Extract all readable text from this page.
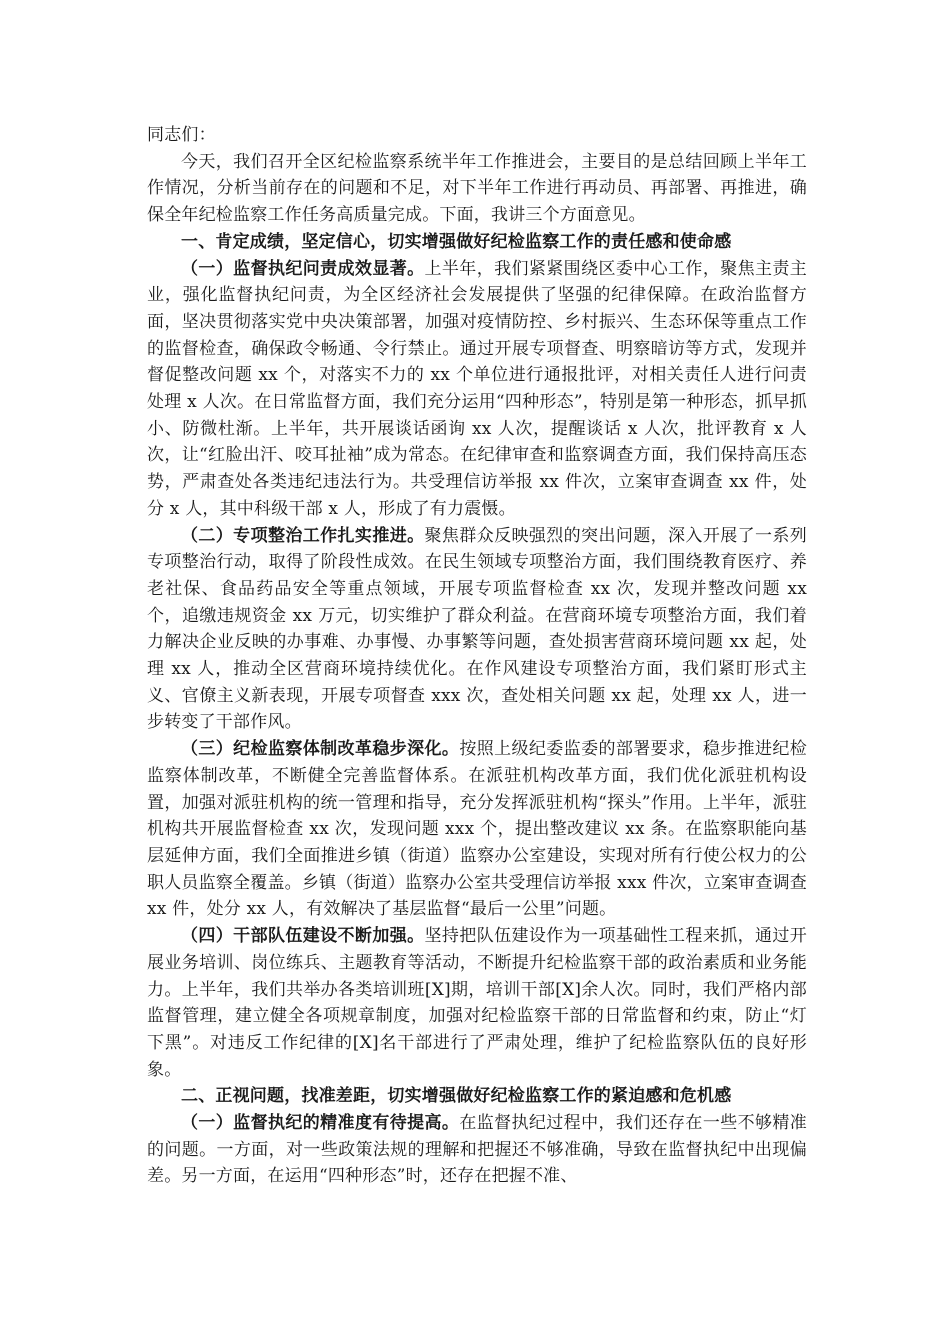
同志们：

今天，我们召开全区纪检监察系统半年工作推进会，主要目的是总结回顾上半年工作情况，分析当前存在的问题和不足，对下半年工作进行再动员、再部署、再推进，确保全年纪检监察工作任务高质量完成。下面，我讲三个方面意见。

一、肯定成绩，坚定信心，切实增强做好纪检监察工作的责任感和使命感

（一）监督执纪问责成效显著。上半年，我们紧紧围绕区委中心工作，聚焦主责主业，强化监督执纪问责，为全区经济社会发展提供了坚强的纪律保障。在政治监督方面，坚决贯彻落实党中央决策部署，加强对疫情防控、乡村振兴、生态环保等重点工作的监督检查，确保政令畅通、令行禁止。通过开展专项督查、明察暗访等方式，发现并督促整改问题 xx 个，对落实不力的 xx 个单位进行通报批评，对相关责任人进行问责处理 x 人次。在日常监督方面，我们充分运用“四种形态”，特别是第一种形态，抓早抓小、防微杜渐。上半年，共开展谈话函询 xx 人次，提醒谈话 x 人次，批评教育 x 人次，让“红脸出汗、咬耳扯袖”成为常态。在纪律审查和监察调查方面，我们保持高压态势，严肃查处各类违纪违法行为。共受理信访举报 xx 件次，立案审查调查 xx 件，处分 x 人，其中科级干部 x 人，形成了有力震慑。

（二）专项整治工作扎实推进。聚焦群众反映强烈的突出问题，深入开展了一系列专项整治行动，取得了阶段性成效。在民生领域专项整治方面，我们围绕教育医疗、养老社保、食品药品安全等重点领域，开展专项监督检查 xx 次，发现并整改问题 xx 个，追缴违规资金 xx 万元，切实维护了群众利益。在营商环境专项整治方面，我们着力解决企业反映的办事难、办事慢、办事繁等问题，查处损害营商环境问题 xx 起，处理 xx 人，推动全区营商环境持续优化。在作风建设专项整治方面，我们紧盯形式主义、官僚主义新表现，开展专项督查 xxx 次，查处相关问题 xx 起，处理 xx 人，进一步转变了干部作风。

（三）纪检监察体制改革稳步深化。按照上级纪委监委的部署要求，稳步推进纪检监察体制改革，不断健全完善监督体系。在派驻机构改革方面，我们优化派驻机构设置，加强对派驻机构的统一管理和指导，充分发挥派驻机构“探头”作用。上半年，派驻机构共开展监督检查 xx 次，发现问题 xxx 个，提出整改建议 xx 条。在监察职能向基层延伸方面，我们全面推进乡镇（街道）监察办公室建设，实现对所有行使公权力的公职人员监察全覆盖。乡镇（街道）监察办公室共受理信访举报 xxx 件次，立案审查调查 xx 件，处分 xx 人，有效解决了基层监督“最后一公里”问题。

（四）干部队伍建设不断加强。坚持把队伍建设作为一项基础性工程来抓，通过开展业务培训、岗位练兵、主题教育等活动，不断提升纪检监察干部的政治素质和业务能力。上半年，我们共举办各类培训班[X]期，培训干部[X]余人次。同时，我们严格内部监督管理，建立健全各项规章制度，加强对纪检监察干部的日常监督和约束，防止“灯下黑”。对违反工作纪律的[X]名干部进行了严肃处理，维护了纪检监察队伍的良好形象。

二、正视问题，找准差距，切实增强做好纪检监察工作的紧迫感和危机感

（一）监督执纪的精准度有待提高。在监督执纪过程中，我们还存在一些不够精准的问题。一方面，对一些政策法规的理解和把握还不够准确，导致在监督执纪中出现偏差。另一方面，在运用“四种形态”时，还存在把握不准、
